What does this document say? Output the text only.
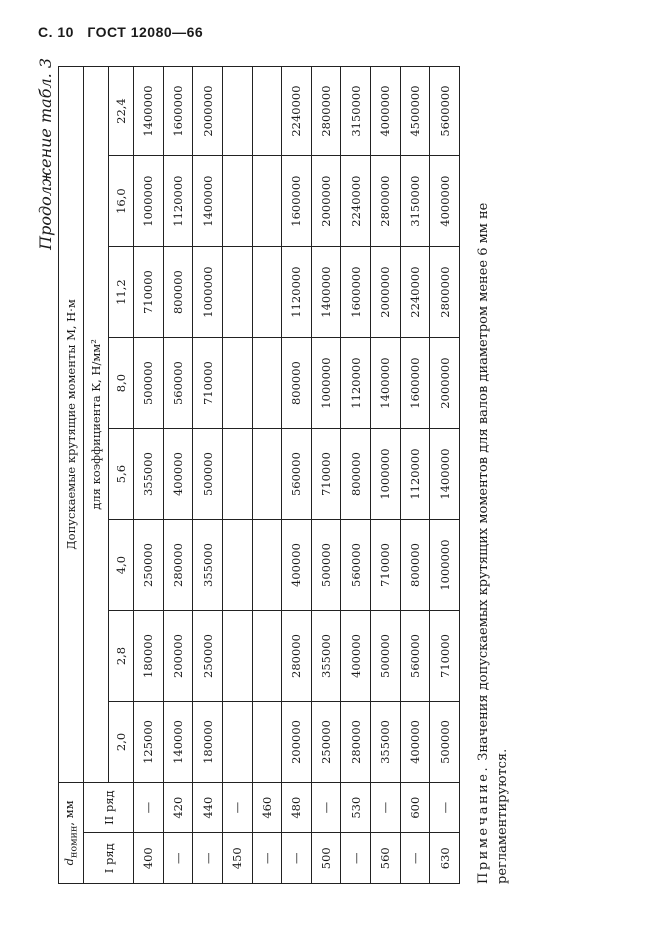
С. 10 ГОСТ 12080—66
Продолжение табл. 3
$d_{номин}$, мм		Допускаемые крутящие моменты М, Н·м							
I ряд	II ряд	для коэффициента К, Н/мм²							
		2,0	2,8	4,0	5,6	8,0	11,2	16,0	22,4
400	—	125000	180000	250000	355000	500000	710000	1000000	1400000
—	420	140000	200000	280000	400000	560000	800000	1120000	1600000
—	440	180000	250000	355000	500000	710000	1000000	1400000	2000000
450	—								
—	460								
—	480	200000	280000	400000	560000	800000	1120000	1600000	2240000
500	—	250000	355000	500000	710000	1000000	1400000	2000000	2800000
—	530	280000	400000	560000	800000	1120000	1600000	2240000	3150000
560	—	355000	500000	710000	1000000	1400000	2000000	2800000	4000000
—	600	400000	560000	800000	1120000	1600000	2240000	3150000	4500000
630	—	500000	710000	1000000	1400000	2000000	2800000	4000000	5600000
Примечание. Значения допускаемых крутящих моментов для валов диаметром менее 6 мм не регламентируются.
